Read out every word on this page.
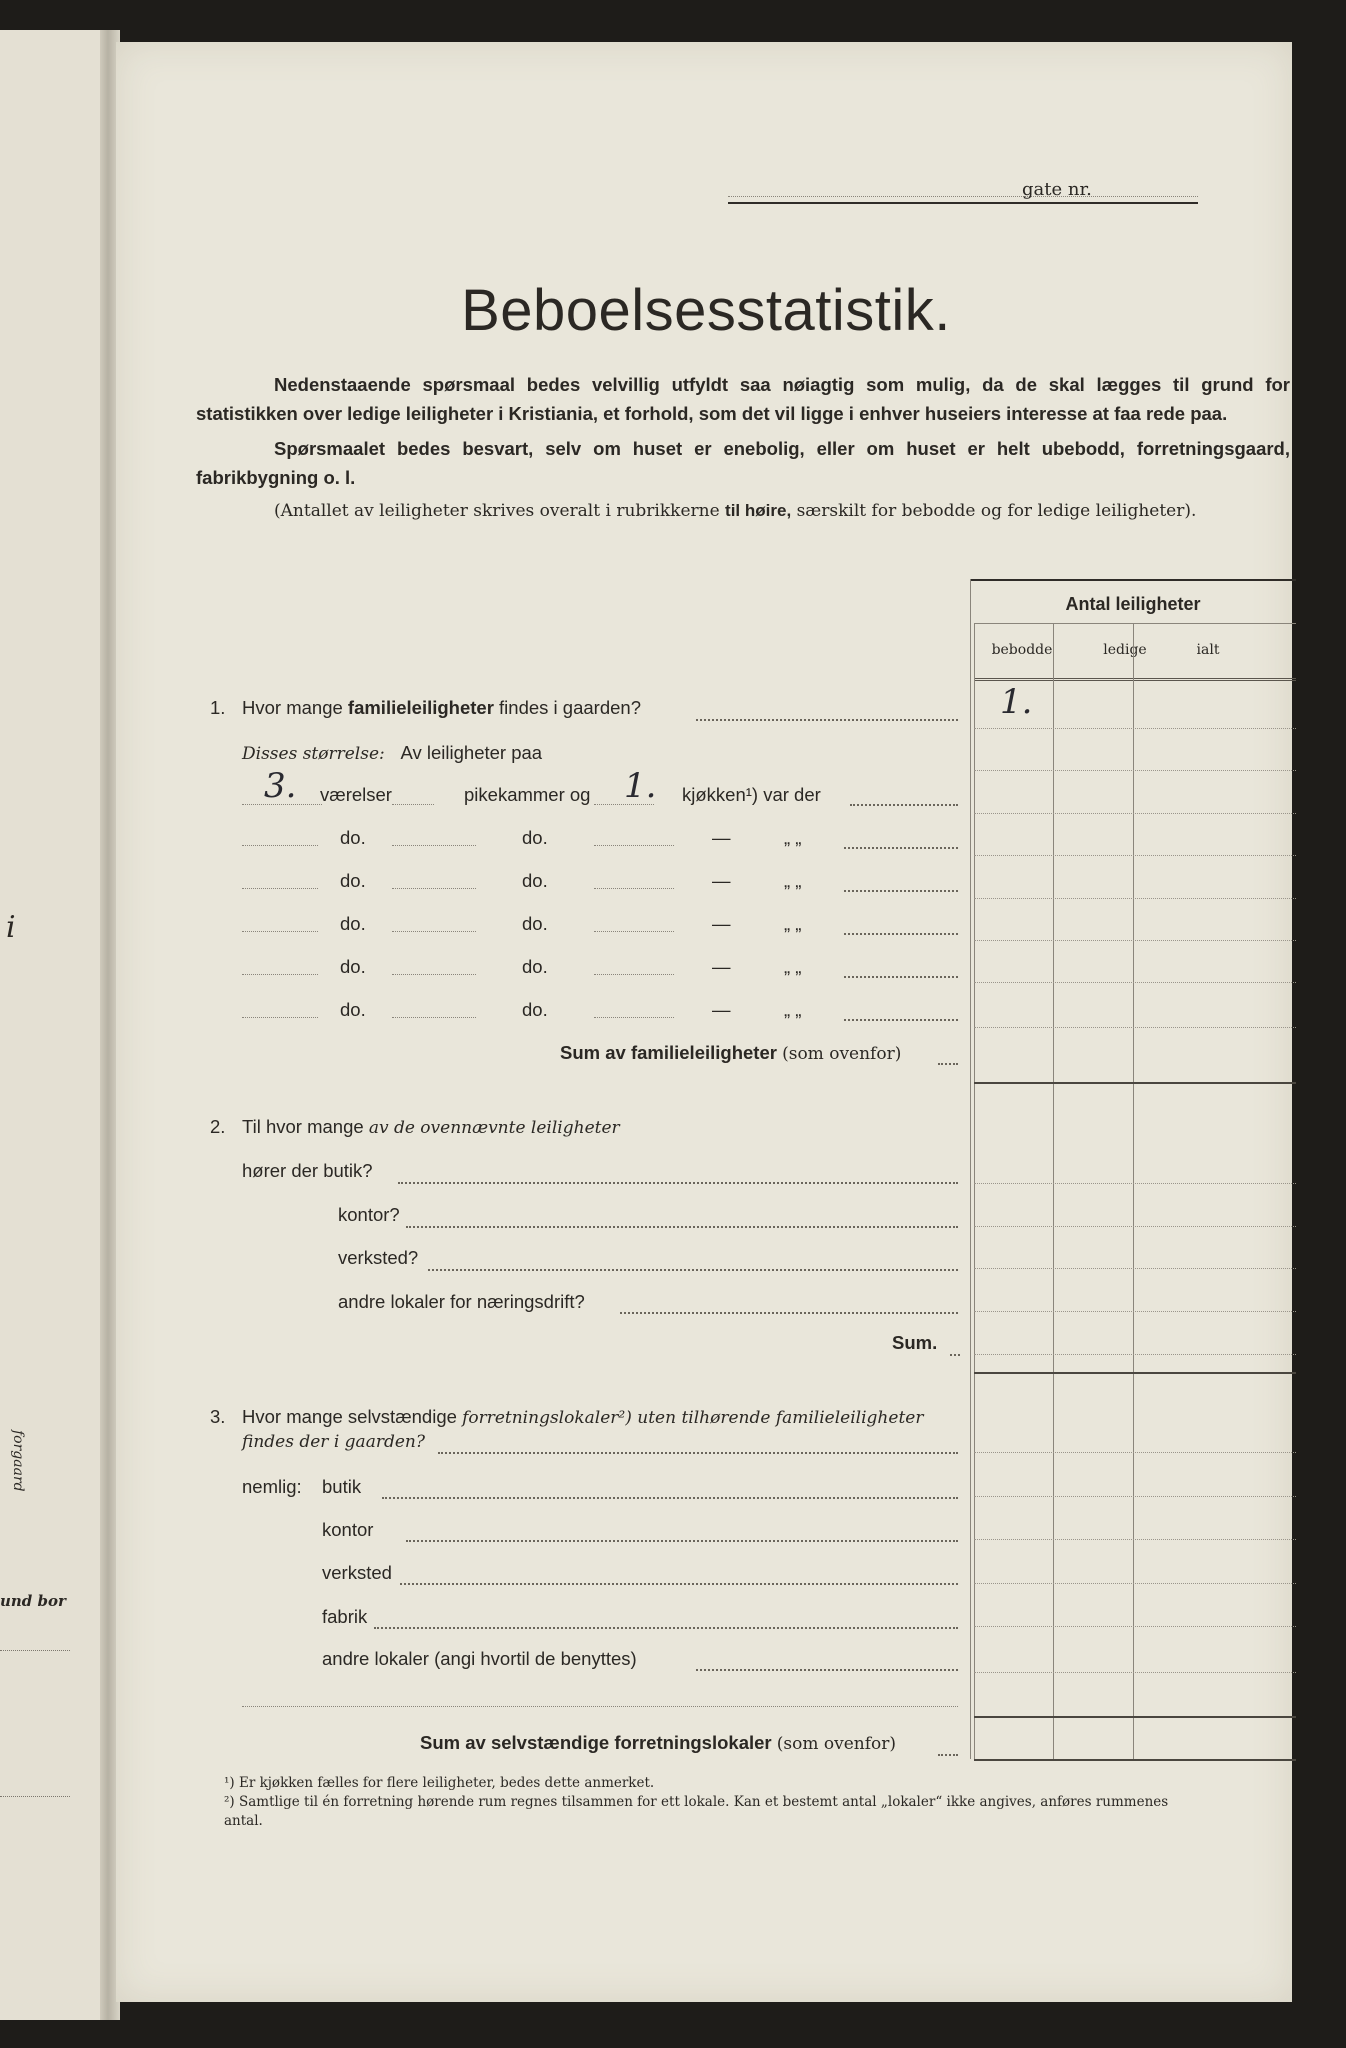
i
forgaard
und bor
gate nr.
Beboelsesstatistik.

Nedenstaaende spørsmaal bedes velvillig utfyldt saa nøiagtig som mulig, da de skal lægges til grund for statistikken over ledige leiligheter i Kristiania, et forhold, som det vil ligge i enhver huseiers interesse at faa rede paa.

Spørsmaalet bedes besvart, selv om huset er enebolig, eller om huset er helt ubebodd, forretningsgaard, fabrikbygning o. l.

(Antallet av leiligheter skrives overalt i rubrikkerne til høire, særskilt for bebodde og for ledige leiligheter).

Antal leiligheter
bebodde	ledige	ialt
1. Hvor mange familieleiligheter findes i gaarden?	1.
Disses størrelse: Av leiligheter paa
3. værelser	pikekammer og 1. kjøkken¹) var der
do.	do.	—	„ „
do.	do.	—	„ „
do.	do.	—	„ „
do.	do.	—	„ „
do.	do.	—	„ „
Sum av familieleiligheter (som ovenfor)
2. Til hvor mange av de ovennævnte leiligheter
hører der butik?
kontor?
verksted?
andre lokaler for næringsdrift?
Sum.
3. Hvor mange selvstændige forretningslokaler²) uten tilhørende familieleiligheter
findes der i gaarden?
nemlig: butik
kontor
verksted
fabrik
andre lokaler (angi hvortil de benyttes)
Sum av selvstændige forretningslokaler (som ovenfor)
¹) Er kjøkken fælles for flere leiligheter, bedes dette anmerket.
²) Samtlige til én forretning hørende rum regnes tilsammen for ett lokale. Kan et bestemt antal „lokaler“ ikke angives, anføres rummenes antal.
